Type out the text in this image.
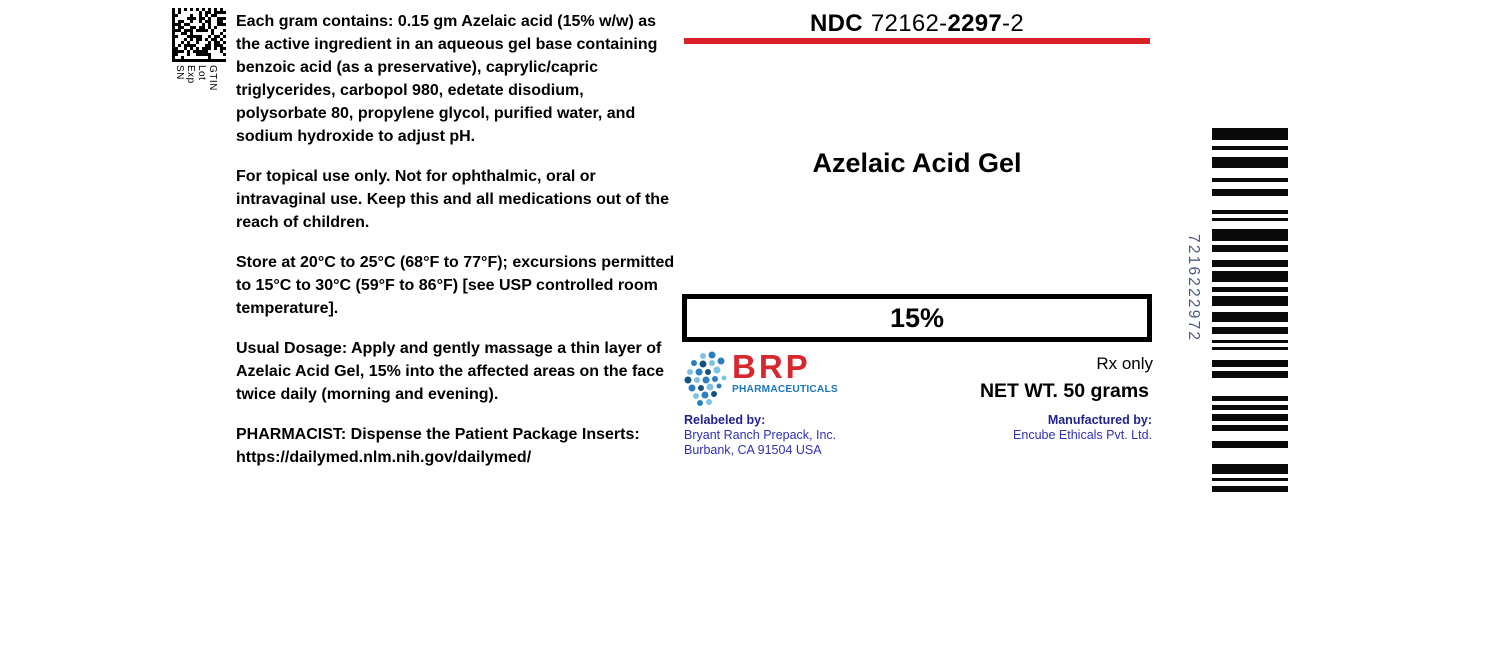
SN Exp Lot GTIN

Each gram contains: 0.15 gm Azelaic acid (15% w/w) as the active ingredient in an aqueous gel base containing benzoic acid (as a preservative), caprylic/capric triglycerides, carbopol 980, edetate disodium, polysorbate 80, propylene glycol, purified water, and sodium hydroxide to adjust pH.

For topical use only. Not for ophthalmic, oral or intravaginal use. Keep this and all medications out of the reach of children.

Store at 20°C to 25°C (68°F to 77°F); excursions permitted to 15°C to 30°C (59°F to 86°F) [see USP controlled room temperature].

Usual Dosage: Apply and gently massage a thin layer of Azelaic Acid Gel, 15% into the affected areas on the face twice daily (morning and evening).

PHARMACIST: Dispense the Patient Package Inserts: https://dailymed.nlm.nih.gov/dailymed/

NDC 72162-2297-2
Azelaic Acid Gel
15%
BRP
PHARMACEUTICALS
Rx only
NET WT. 50 grams
Relabeled by:
Bryant Ranch Prepack, Inc.
Burbank, CA 91504 USA
Manufactured by:
Encube Ethicals Pvt. Ltd.
7216222972
